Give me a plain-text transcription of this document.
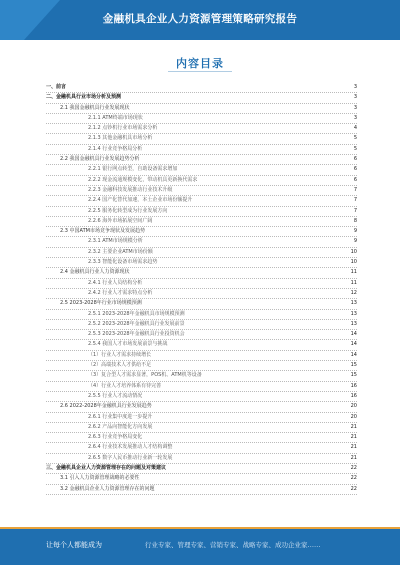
金融机具企业人力资源管理策略研究报告
内容目录
一、前言	3
二、金融机具行业市场分析及预测	3
2.1 我国金融机具行业发展现状	3
2.1.1 ATM终端市场现状	3
2.1.2 点钞机行业市场需求分析	4
2.1.3 其他金融机具市场分析	5
2.1.4 行业竞争格局分析	5
2.2 我国金融机具行业发展趋势分析	6
2.2.1 银行网点转型，自助设备需求增加	6
2.2.2 现金流通规模变化，带动机具更新换代需求	6
2.2.3 金融科技发展推动行业技术升级	7
2.2.4 国产化替代加速，本土企业市场份额提升	7
2.2.5 服务化转型成为行业发展方向	7
2.2.6 海外市场拓展空间广阔	8
2.3 中国ATM市场竞争现状及发展趋势	9
2.3.1 ATM市场规模分析	9
2.3.2 主要企业ATM市场份额	10
2.3.3 智能化设备市场需求趋势	10
2.4 金融机具行业人力资源现状	11
2.4.1 行业人员结构分析	11
2.4.2 行业人才需求特点分析	12
2.5 2023-2028年行业市场规模预测	13
2.5.1 2023-2028年金融机具市场规模预测	13
2.5.2 2023-2028年金融机具行业发展前景	13
2.5.3 2023-2028年金融机具行业投资机会	14
2.5.4 我国人才市场发展前景与挑战	14
（1）行业人才需求持续增长	14
（2）高端技术人才供给不足	15
（3）复合型人才需求显著，POS机、ATM机等设备	15
（4）行业人才培养体系有待完善	16
2.5.5 行业人才流动情况	16
2.6 2022-2028年金融机具行业发展趋势	20
2.6.1 行业集中度进一步提升	20
2.6.2 产品向智能化方向发展	21
2.6.3 行业竞争格局变化	21
2.6.4 行业技术发展推动人才结构调整	21
2.6.5 数字人民币推动行业新一轮发展	21
三、金融机具企业人力资源管理存在的问题及对策建议	22
3.1 引入人力资源管理战略的必要性	22
3.2 金融机具企业人力资源管理存在的问题	22
让每个人都能成为	行业专家、管理专家、营销专家、战略专家、成功企业家……
